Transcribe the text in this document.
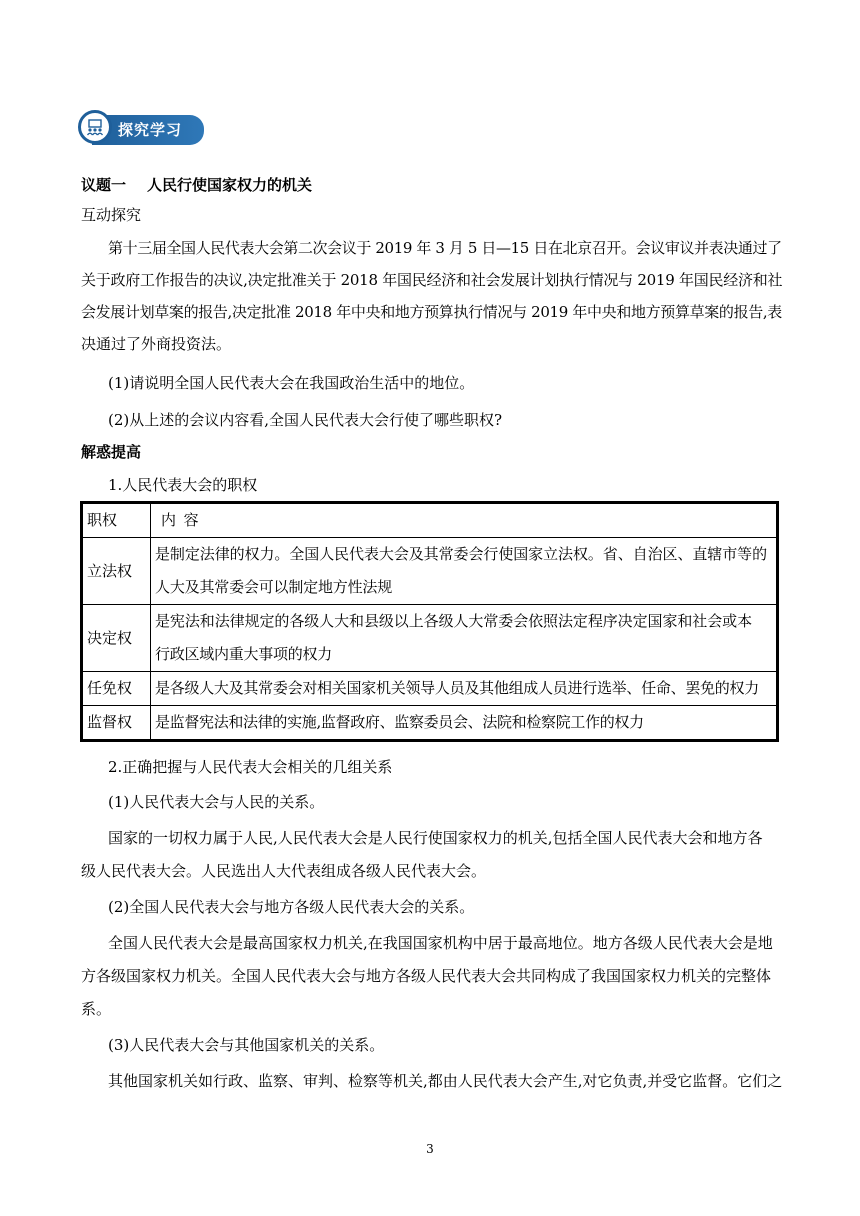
探究学习
议题一 人民行使国家权力的机关
互动探究
第十三届全国人民代表大会第二次会议于 2019 年 3 月 5 日—15 日在北京召开。会议审议并表决通过了
关于政府工作报告的决议,决定批准关于 2018 年国民经济和社会发展计划执行情况与 2019 年国民经济和社
会发展计划草案的报告,决定批准 2018 年中央和地方预算执行情况与 2019 年中央和地方预算草案的报告,表
决通过了外商投资法。
(1)请说明全国人民代表大会在我国政治生活中的地位。
(2)从上述的会议内容看,全国人民代表大会行使了哪些职权?
解惑提高
1.人民代表大会的职权
职权	内　容
立法权	是制定法律的权力。全国人民代表大会及其常委会行使国家立法权。省、自治区、直辖市等的
人大及其常委会可以制定地方性法规

决定权	是宪法和法律规定的各级人大和县级以上各级人大常委会依照法定程序决定国家和社会或本
行政区域内重大事项的权力

任免权	是各级人大及其常委会对相关国家机关领导人员及其他组成人员进行选举、任命、罢免的权力
监督权	是监督宪法和法律的实施,监督政府、监察委员会、法院和检察院工作的权力
2.正确把握与人民代表大会相关的几组关系
(1)人民代表大会与人民的关系。
国家的一切权力属于人民,人民代表大会是人民行使国家权力的机关,包括全国人民代表大会和地方各
级人民代表大会。人民选出人大代表组成各级人民代表大会。
(2)全国人民代表大会与地方各级人民代表大会的关系。
全国人民代表大会是最高国家权力机关,在我国国家机构中居于最高地位。地方各级人民代表大会是地
方各级国家权力机关。全国人民代表大会与地方各级人民代表大会共同构成了我国国家权力机关的完整体
系。
(3)人民代表大会与其他国家机关的关系。
其他国家机关如行政、监察、审判、检察等机关,都由人民代表大会产生,对它负责,并受它监督。它们之
3
